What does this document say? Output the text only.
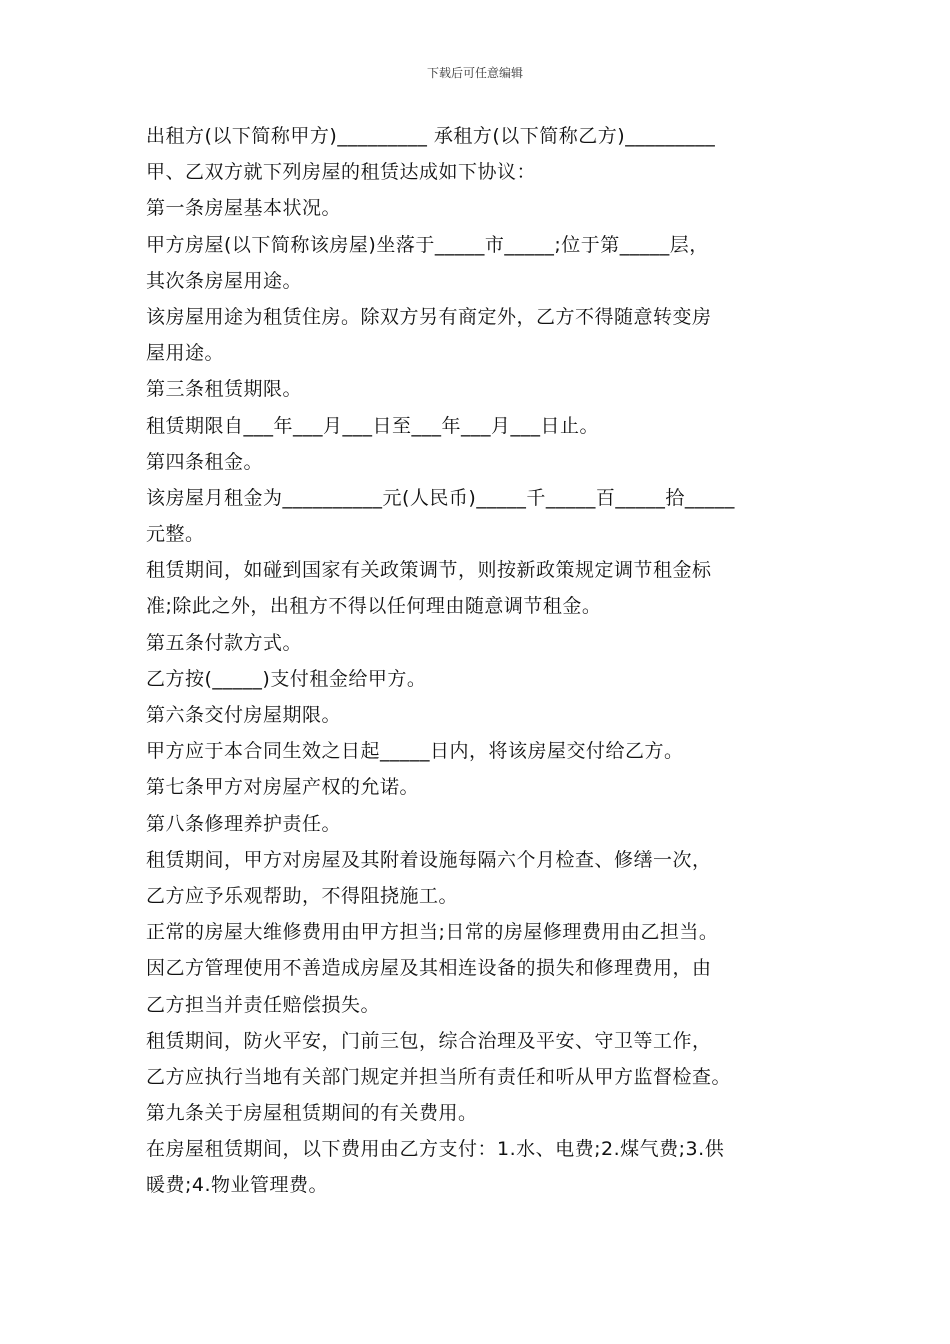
下载后可任意编辑
出租方(以下简称甲方)_________ 承租方(以下简称乙方)_________
甲、乙双方就下列房屋的租赁达成如下协议：
第一条房屋基本状况。
甲方房屋(以下简称该房屋)坐落于_____市_____;位于第_____层，
其次条房屋用途。
该房屋用途为租赁住房。除双方另有商定外，乙方不得随意转变房
屋用途。
第三条租赁期限。
租赁期限自___年___月___日至___年___月___日止。
第四条租金。
该房屋月租金为__________元(人民币)_____千_____百_____拾_____
元整。
租赁期间，如碰到国家有关政策调节，则按新政策规定调节租金标
准;除此之外，出租方不得以任何理由随意调节租金。
第五条付款方式。
乙方按(_____)支付租金给甲方。
第六条交付房屋期限。
甲方应于本合同生效之日起_____日内，将该房屋交付给乙方。
第七条甲方对房屋产权的允诺。
第八条修理养护责任。
租赁期间，甲方对房屋及其附着设施每隔六个月检查、修缮一次，
乙方应予乐观帮助，不得阻挠施工。
正常的房屋大维修费用由甲方担当;日常的房屋修理费用由乙担当。
因乙方管理使用不善造成房屋及其相连设备的损失和修理费用，由
乙方担当并责任赔偿损失。
租赁期间，防火平安，门前三包，综合治理及平安、守卫等工作，
乙方应执行当地有关部门规定并担当所有责任和听从甲方监督检查。
第九条关于房屋租赁期间的有关费用。
在房屋租赁期间，以下费用由乙方支付：1.水、电费;2.煤气费;3.供
暖费;4.物业管理费。
